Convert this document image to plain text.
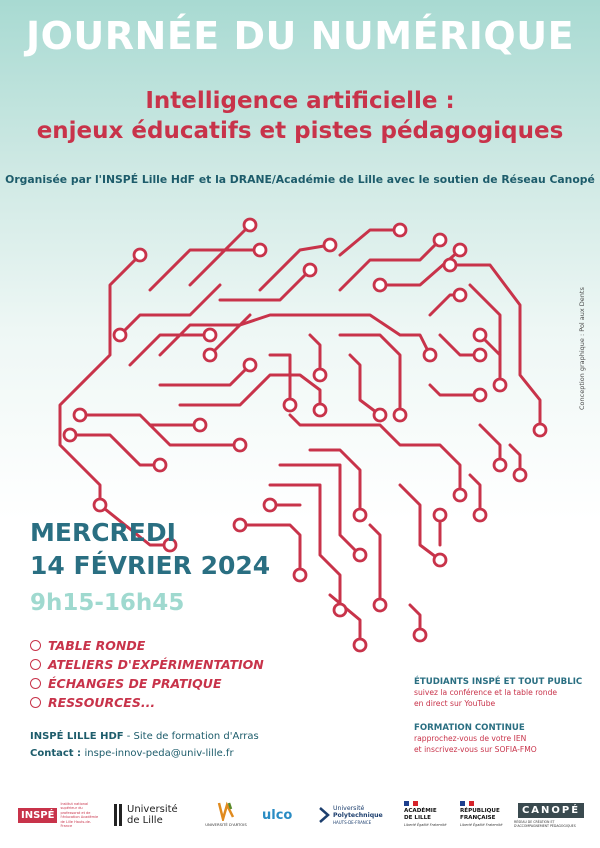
JOURNÉE DU NUMÉRIQUE
Intelligence artificielle :
enjeux éducatifs et pistes pédagogiques
Organisée par l'INSPÉ Lille HdF et la DRANE/Académie de Lille avec le soutien de Réseau Canopé
Conception graphique : Pol aux Dents
MERCREDI
14 FÉVRIER 2024
9h15-16h45
TABLE RONDE
ATELIERS D'EXPÉRIMENTATION
ÉCHANGES DE PRATIQUE
RESSOURCES...
INSPÉ LILLE HDF - Site de formation d'Arras
Contact : inspe-innov-peda@univ-lille.fr
ÉTUDIANTS INSPÉ ET TOUT PUBLIC
suivez la conférence et la table ronde
en direct sur YouTube
FORMATION CONTINUE
rapprochez-vous de votre IEN
et inscrivez-vous sur SOFIA-FMO
INSPÉ
Institut national supérieur du professorat et de l'éducation Académie de Lille Hauts-de-France
Université
de Lille	UNIVERSITÉ D'ARTOIS
ulco	Université
Polytechnique
HAUTS-DE-FRANCE
ACADÉMIE
DE LILLE
Liberté Égalité Fraternité
RÉPUBLIQUE
FRANÇAISE
Liberté Égalité Fraternité
CANOPÉ
RÉSEAU DE CRÉATION ET D'ACCOMPAGNEMENT PÉDAGOGIQUES
